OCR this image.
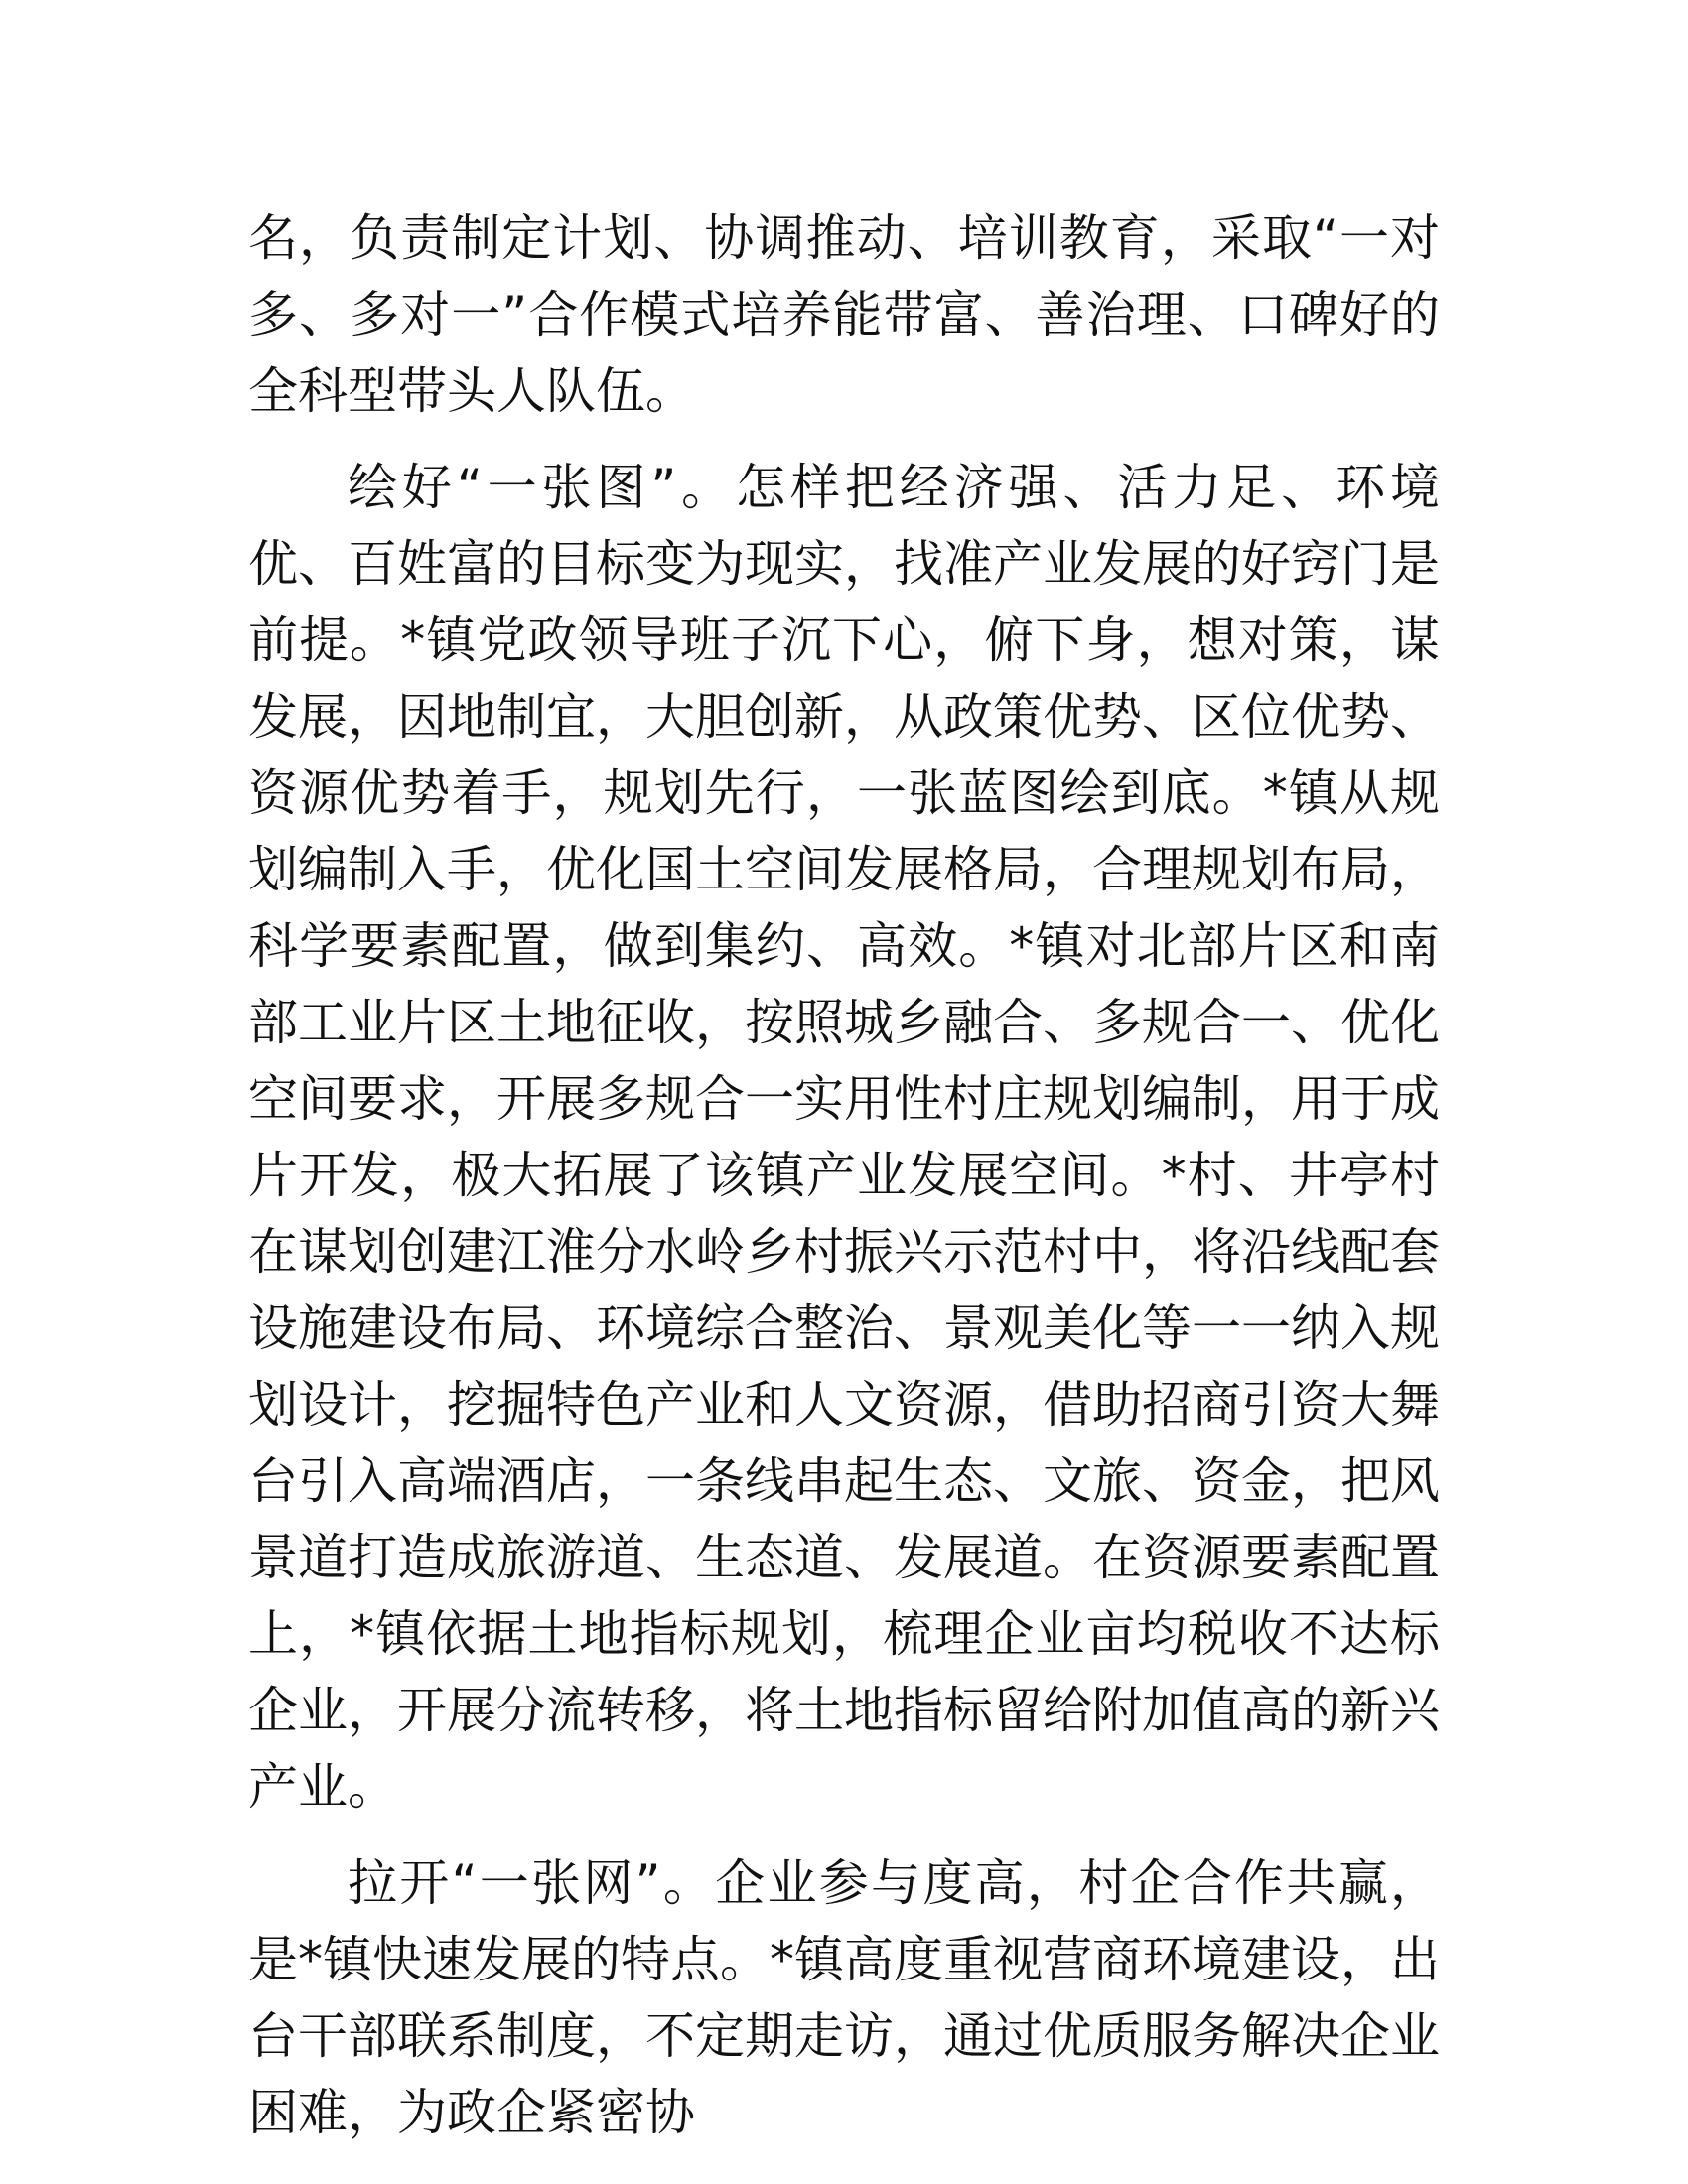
名，负责制定计划、协调推动、培训教育，采取“一对多、多对一”合作模式培养能带富、善治理、口碑好的全科型带头人队伍。

绘好“一张图”。怎样把经济强、活力足、环境优、百姓富的目标变为现实，找准产业发展的好窍门是前提。*镇党政领导班子沉下心，俯下身，想对策，谋发展，因地制宜，大胆创新，从政策优势、区位优势、资源优势着手，规划先行，一张蓝图绘到底。*镇从规划编制入手，优化国土空间发展格局，合理规划布局，科学要素配置，做到集约、高效。*镇对北部片区和南部工业片区土地征收，按照城乡融合、多规合一、优化空间要求，开展多规合一实用性村庄规划编制，用于成片开发，极大拓展了该镇产业发展空间。*村、井亭村在谋划创建江淮分水岭乡村振兴示范村中，将沿线配套设施建设布局、环境综合整治、景观美化等一一纳入规划设计，挖掘特色产业和人文资源，借助招商引资大舞台引入高端酒店，一条线串起生态、文旅、资金，把风景道打造成旅游道、生态道、发展道。在资源要素配置上，*镇依据土地指标规划，梳理企业亩均税收不达标企业，开展分流转移，将土地指标留给附加值高的新兴产业。

拉开“一张网”。企业参与度高，村企合作共赢，是*镇快速发展的特点。*镇高度重视营商环境建设，出台干部联系制度，不定期走访，通过优质服务解决企业困难，为政企紧密协
